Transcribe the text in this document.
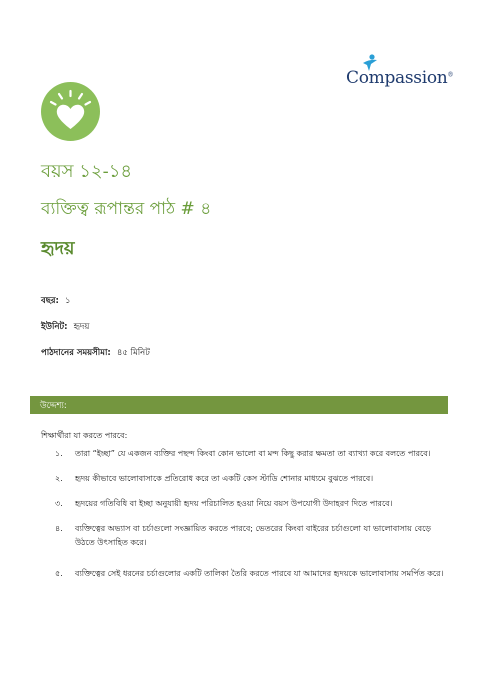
Compassion®
বয়স ১২-১৪
ব্যক্তিত্ব রূপান্তর পাঠ # ৪
হৃদয়
বছর: ১
ইউনিট: হৃদয়
পাঠদানের সময়সীমা: ৪৫ মিনিট
উদ্দেশ্য:
শিক্ষার্থীরা যা করতে পারবে:
১. তারা “ইচ্ছা” যে একজন ব্যক্তির পছন্দ কিংবা কোন ভালো বা মন্দ কিছু করার ক্ষমতা তা ব্যাখ্যা করে বলতে পারবে।
২. হৃদয় কীভাবে ভালোবাসাকে প্রতিরোধ করে তা একটি কেস স্টাডি শোনার মাধ্যমে বুঝতে পারবে।
৩. হৃদয়ের গতিবিধি বা ইচ্ছা অনুযায়ী হৃদয় পরিচালিত হওয়া নিয়ে বয়স উপযোগী উদাহরণ দিতে পারবে।
৪. ব্যক্তিত্বের অভ্যাস বা চর্চাগুলো সংজ্ঞায়িত করতে পারবে; ভেতরের কিংবা বাইরের চর্চাগুলো যা ভালোবাসায় বেড়ে উঠতে উৎসাহিত করে।
৫. ব্যক্তিত্বের সেই ধরনের চর্চাগুলোর একটি তালিকা তৈরি করতে পারবে যা আমাদের হৃদয়কে ভালোবাসায় সমর্পিত করে।
